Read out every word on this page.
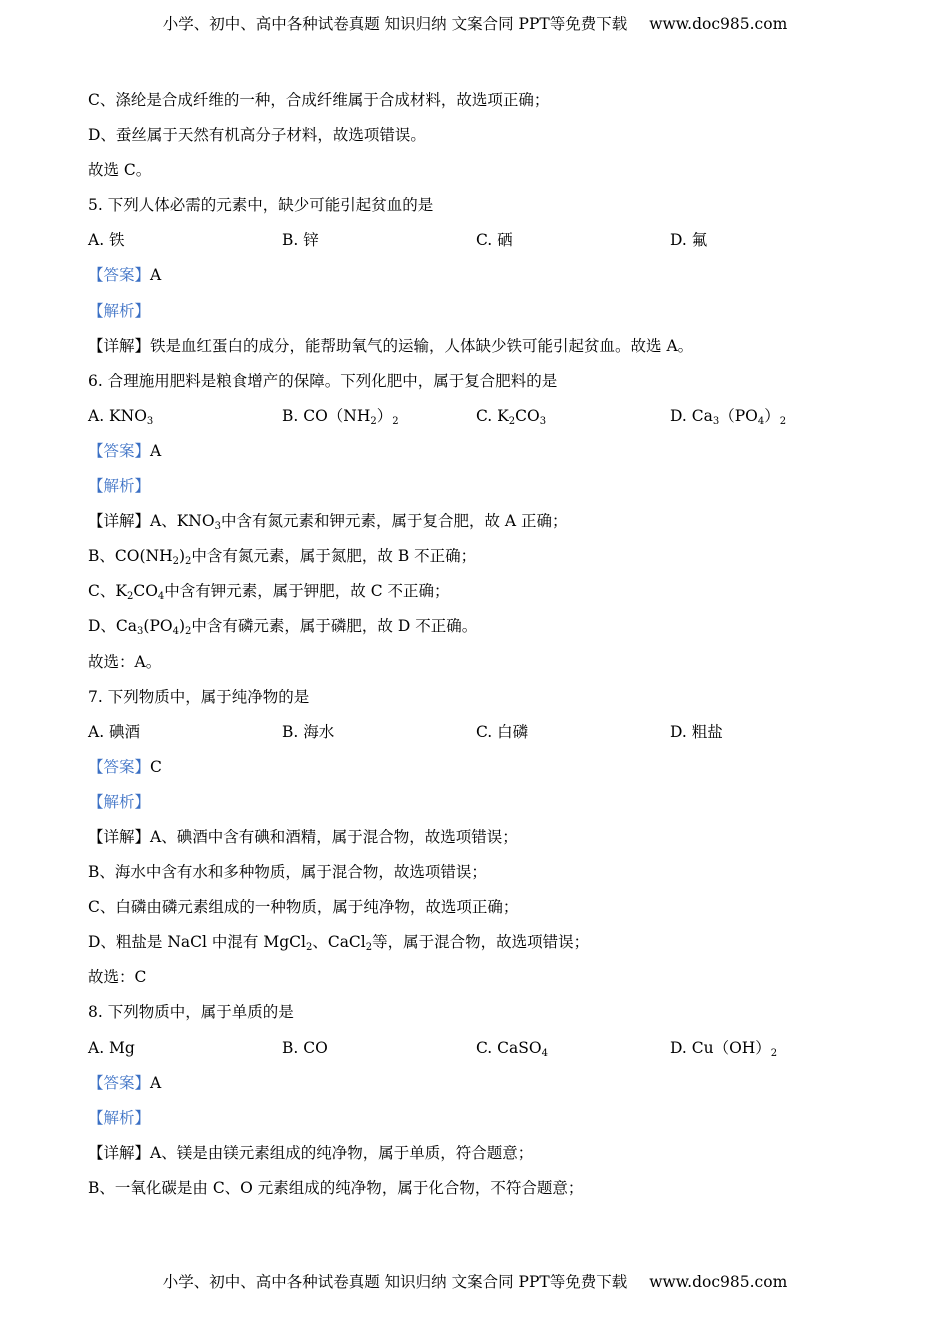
小学、初中、高中各种试卷真题 知识归纳 文案合同 PPT等免费下载 www.doc985.com
C、涤纶是合成纤维的一种，合成纤维属于合成材料，故选项正确；
D、蚕丝属于天然有机高分子材料，故选项错误。
故选 C。
5. 下列人体必需的元素中，缺少可能引起贫血的是
A. 铁	B. 锌	C. 硒	D. 氟
【答案】A
【解析】
【详解】铁是血红蛋白的成分，能帮助氧气的运输，人体缺少铁可能引起贫血。故选 A。
6. 合理施用肥料是粮食增产的保障。下列化肥中，属于复合肥料的是
A. $KNO_3$	B. $CO(NH_2)_2$	C. $K_2CO_3$	D. $Ca_3(PO_4)_2$
【答案】A
【解析】
【详解】A、$KNO_3$中含有氮元素和钾元素，属于复合肥，故 A 正确；
B、$CO(NH_2)_2$中含有氮元素，属于氮肥，故 B 不正确；
C、$K_2CO_4$中含有钾元素，属于钾肥，故 C 不正确；
D、$Ca_3(PO_4)_2$中含有磷元素，属于磷肥，故 D 不正确。
故选：A。
7. 下列物质中，属于纯净物的是
A. 碘酒	B. 海水	C. 白磷	D. 粗盐
【答案】C
【解析】
【详解】A、碘酒中含有碘和酒精，属于混合物，故选项错误；
B、海水中含有水和多种物质，属于混合物，故选项错误；
C、白磷由磷元素组成的一种物质，属于纯净物，故选项正确；
D、粗盐是 NaCl 中混有 MgCl$_2$、CaCl$_2$等，属于混合物，故选项错误；
故选：C
8. 下列物质中，属于单质的是
A. Mg	B. CO	C. CaSO$_4$	D. $Cu(OH)_2$
【答案】A
【解析】
【详解】A、镁是由镁元素组成的纯净物，属于单质，符合题意；
B、一氧化碳是由 C、O 元素组成的纯净物，属于化合物，不符合题意；
小学、初中、高中各种试卷真题 知识归纳 文案合同 PPT等免费下载 www.doc985.com
